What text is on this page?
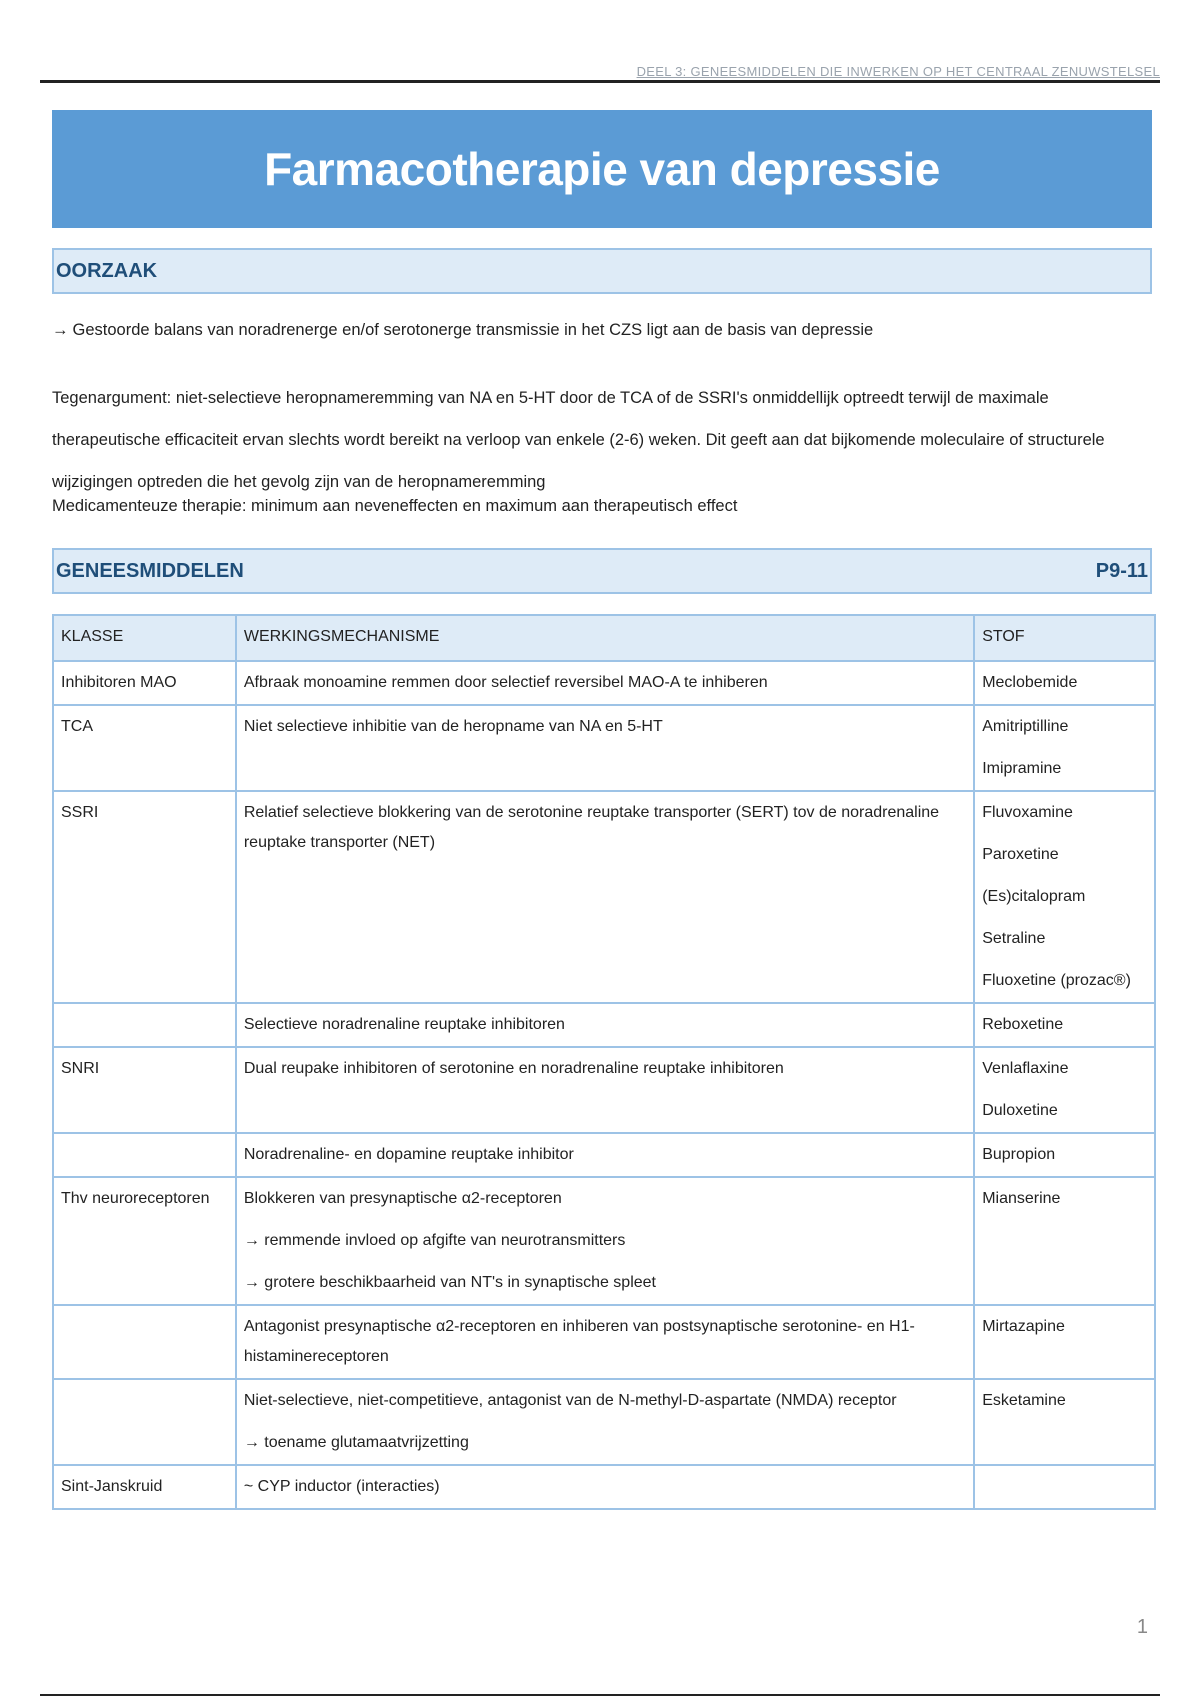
DEEL 3: GENEESMIDDELEN DIE INWERKEN OP HET CENTRAAL ZENUWSTELSEL
Farmacotherapie van depressie
OORZAAK

→ Gestoorde balans van noradrenerge en/of serotonerge transmissie in het CZS ligt aan de basis van depressie

Tegenargument: niet-selectieve heropnameremming van NA en 5-HT door de TCA of de SSRI's onmiddellijk optreedt terwijl de maximale therapeutische efficaciteit ervan slechts wordt bereikt na verloop van enkele (2-6) weken. Dit geeft aan dat bijkomende moleculaire of structurele wijzigingen optreden die het gevolg zijn van de heropnameremming

Medicamenteuze therapie: minimum aan neveneffecten en maximum aan therapeutisch effect

GENEESMIDDELEN	P9-11
KLASSE	WERKINGSMECHANISME	STOF
Inhibitoren MAO	Afbraak monoamine remmen door selectief reversibel MAO-A te inhiberen	Meclobemide

TCA	Niet selectieve inhibitie van de heropname van NA en 5-HT	Amitriptilline
Imipramine

SSRI	Relatief selectieve blokkering van de serotonine reuptake transporter (SERT) tov de noradrenaline reuptake transporter (NET)	Fluvoxamine
Paroxetine
(Es)citalopram
Setraline
Fluoxetine (prozac®)

	Selectieve noradrenaline reuptake inhibitoren	Reboxetine

SNRI	Dual reupake inhibitoren of serotonine en noradrenaline reuptake inhibitoren	Venlaflaxine
Duloxetine

	Noradrenaline- en dopamine reuptake inhibitor	Bupropion

Thv neuroreceptoren	Blokkeren van presynaptische α2-receptoren
→ remmende invloed op afgifte van neurotransmitters
→ grotere beschikbaarheid van NT's in synaptische spleet	Mianserine

	Antagonist presynaptische α2-receptoren en inhiberen van postsynaptische serotonine- en H1- histaminereceptoren	Mirtazapine

	Niet-selectieve, niet-competitieve, antagonist van de N-methyl-D-aspartate (NMDA) receptor
→ toename glutamaatvrijzetting	Esketamine

Sint-Janskruid	~ CYP inductor (interacties)	

1
